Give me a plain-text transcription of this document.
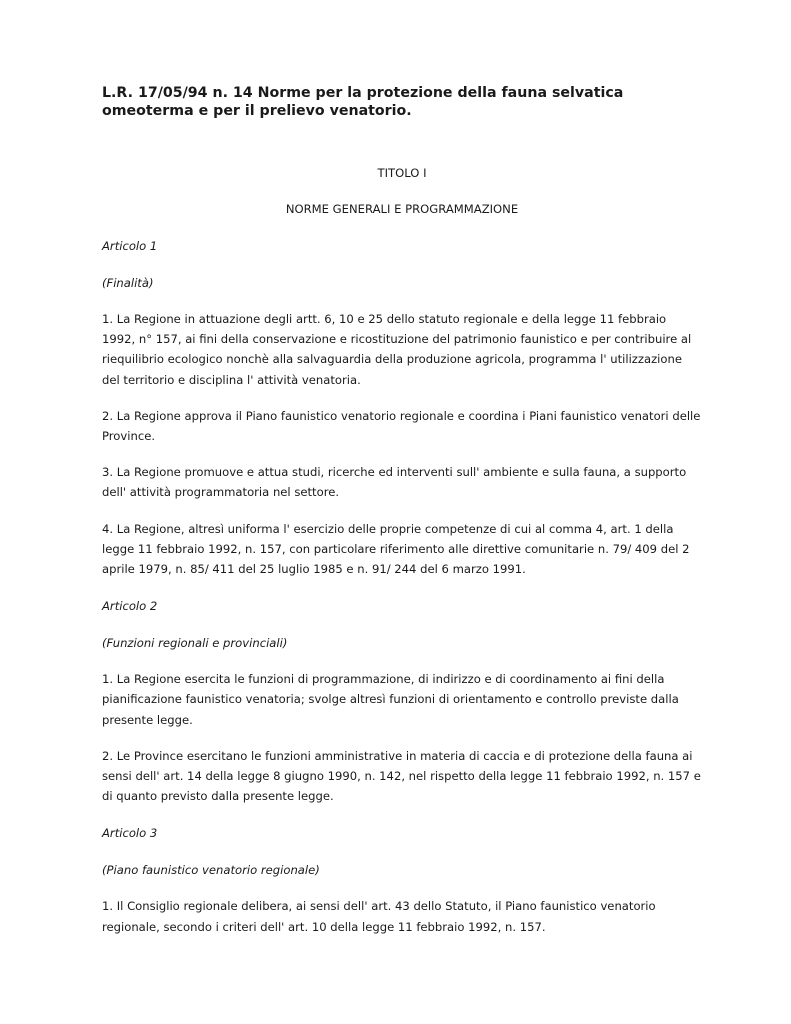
L.R. 17/05/94 n. 14 Norme per la protezione della fauna selvatica omeoterma e per il prelievo venatorio.

TITOLO I

NORME GENERALI E PROGRAMMAZIONE

Articolo 1

(Finalità)

1. La Regione in attuazione degli artt. 6, 10 e 25 dello statuto regionale e della legge 11 febbraio 1992, n° 157, ai fini della conservazione e ricostituzione del patrimonio faunistico e per contribuire al riequilibrio ecologico nonchè alla salvaguardia della produzione agricola, programma l' utilizzazione del territorio e disciplina l' attività venatoria.

2. La Regione approva il Piano faunistico venatorio regionale e coordina i Piani faunistico venatori delle Province.

3. La Regione promuove e attua studi, ricerche ed interventi sull' ambiente e sulla fauna, a supporto dell' attività programmatoria nel settore.

4. La Regione, altresì uniforma l' esercizio delle proprie competenze di cui al comma 4, art. 1 della legge 11 febbraio 1992, n. 157, con particolare riferimento alle direttive comunitarie n. 79/ 409 del 2 aprile 1979, n. 85/ 411 del 25 luglio 1985 e n. 91/ 244 del 6 marzo 1991.

Articolo 2

(Funzioni regionali e provinciali)

1. La Regione esercita le funzioni di programmazione, di indirizzo e di coordinamento ai fini della pianificazione faunistico venatoria; svolge altresì funzioni di orientamento e controllo previste dalla presente legge.

2. Le Province esercitano le funzioni amministrative in materia di caccia e di protezione della fauna ai sensi dell' art. 14 della legge 8 giugno 1990, n. 142, nel rispetto della legge 11 febbraio 1992, n. 157 e di quanto previsto dalla presente legge.

Articolo 3

(Piano faunistico venatorio regionale)

1. Il Consiglio regionale delibera, ai sensi dell' art. 43 dello Statuto, il Piano faunistico venatorio regionale, secondo i criteri dell' art. 10 della legge 11 febbraio 1992, n. 157.
